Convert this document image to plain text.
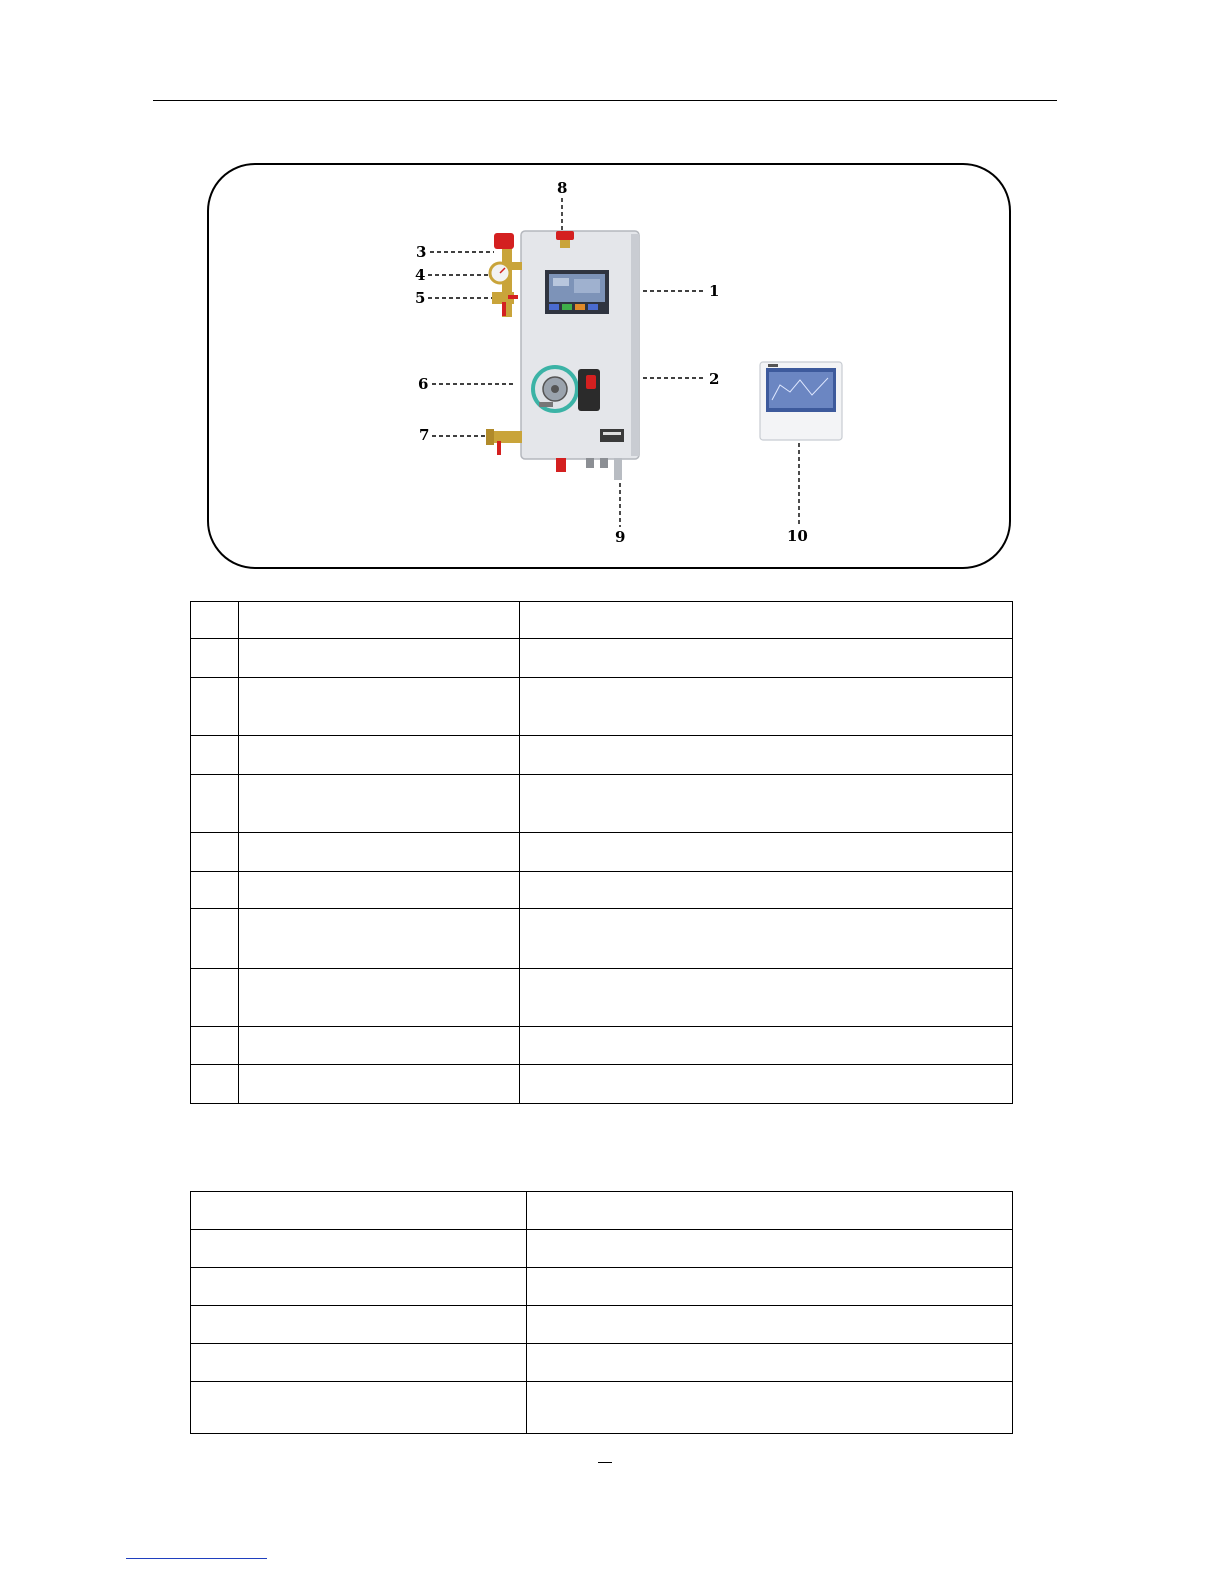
1
2
3
4
5
6
7
8
9	10
